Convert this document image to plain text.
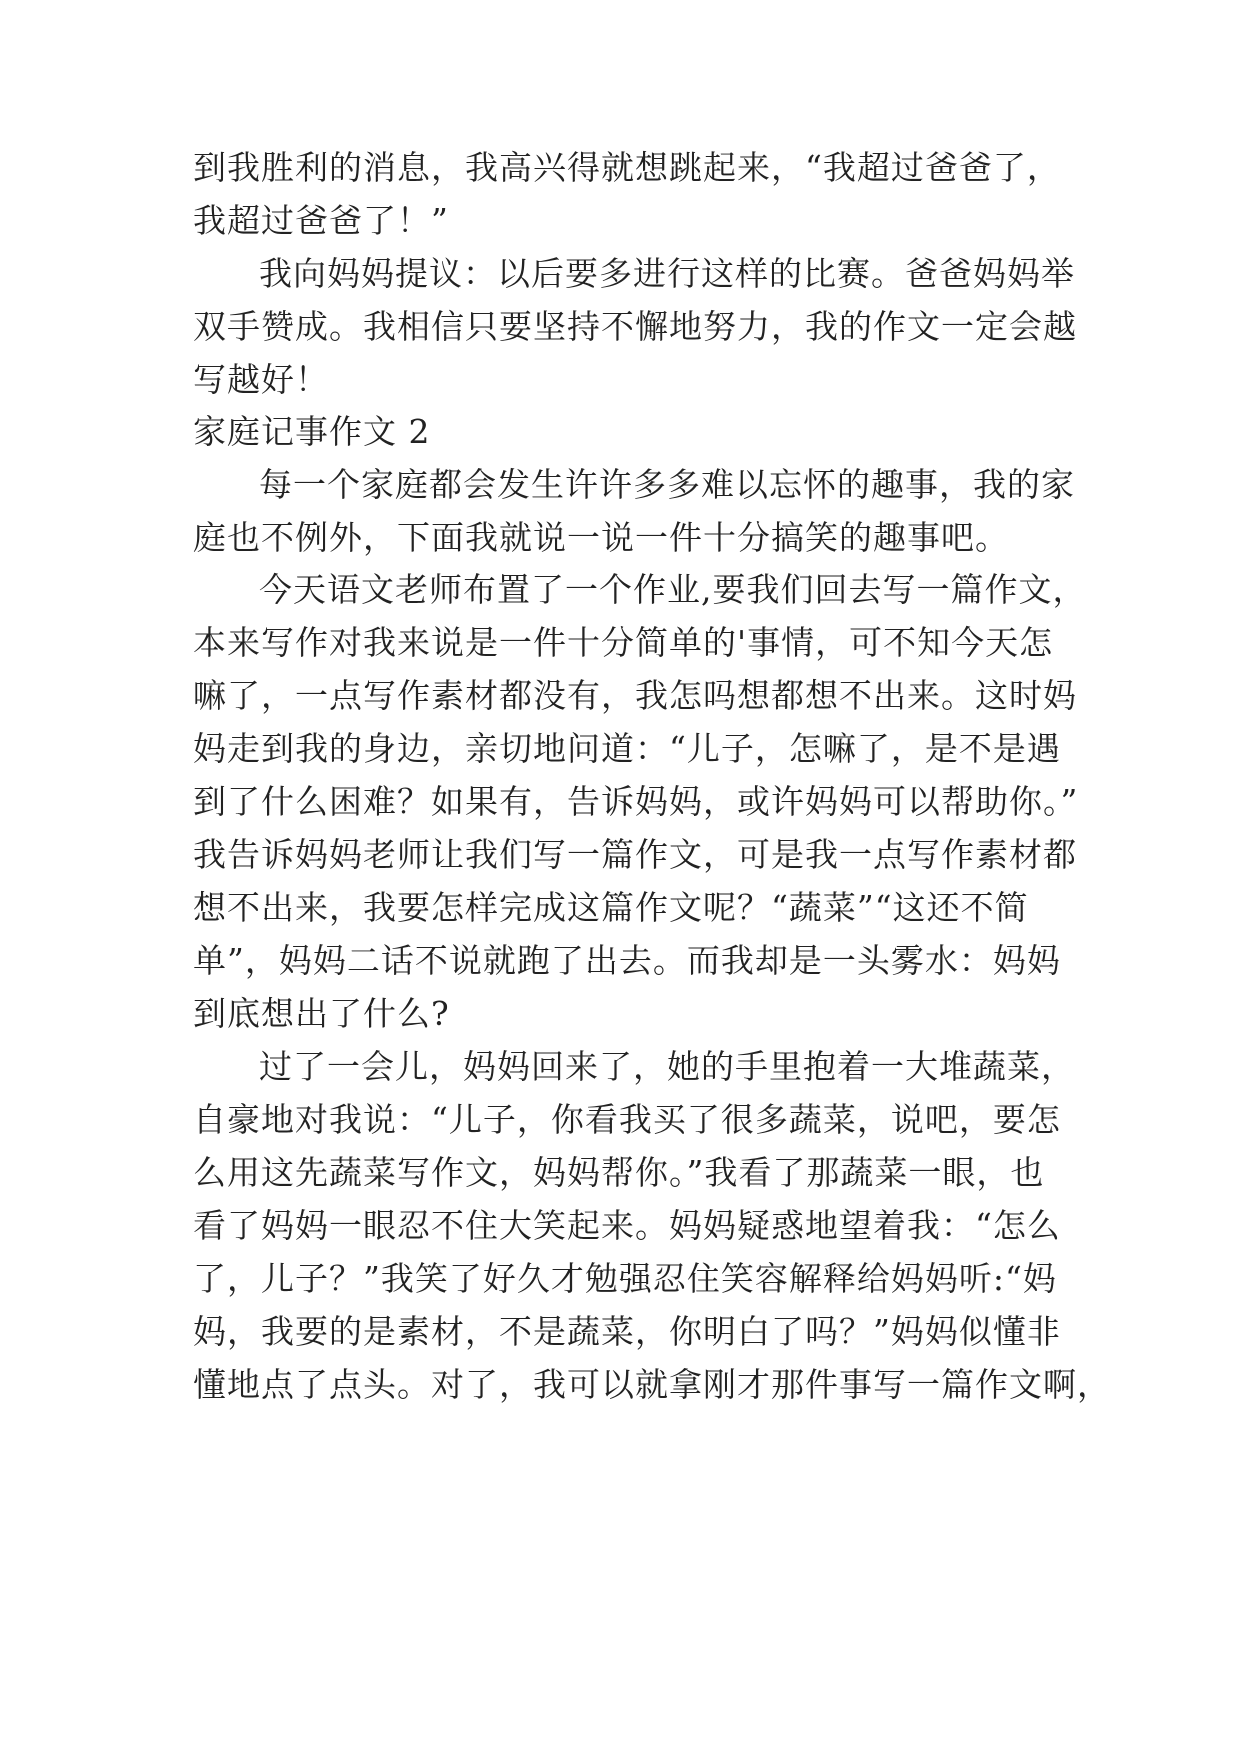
到我胜利的消息，我高兴得就想跳起来，“我超过爸爸了，
我超过爸爸了！”
我向妈妈提议：以后要多进行这样的比赛。爸爸妈妈举
双手赞成。我相信只要坚持不懈地努力，我的作文一定会越
写越好！
家庭记事作文 2
每一个家庭都会发生许许多多难以忘怀的趣事，我的家
庭也不例外，下面我就说一说一件十分搞笑的趣事吧。
今天语文老师布置了一个作业,要我们回去写一篇作文，
本来写作对我来说是一件十分简单的'事情，可不知今天怎
嘛了，一点写作素材都没有，我怎吗想都想不出来。这时妈
妈走到我的身边，亲切地问道：“儿子，怎嘛了，是不是遇
到了什么困难？如果有，告诉妈妈，或许妈妈可以帮助你。”
我告诉妈妈老师让我们写一篇作文，可是我一点写作素材都
想不出来，我要怎样完成这篇作文呢？“蔬菜”“这还不简
单”，妈妈二话不说就跑了出去。而我却是一头雾水：妈妈
到底想出了什么?
过了一会儿，妈妈回来了，她的手里抱着一大堆蔬菜，
自豪地对我说：“儿子，你看我买了很多蔬菜，说吧，要怎
么用这先蔬菜写作文，妈妈帮你。”我看了那蔬菜一眼，也
看了妈妈一眼忍不住大笑起来。妈妈疑惑地望着我：“怎么
了，儿子？”我笑了好久才勉强忍住笑容解释给妈妈听:“妈
妈，我要的是素材，不是蔬菜，你明白了吗？”妈妈似懂非
懂地点了点头。对了，我可以就拿刚才那件事写一篇作文啊，
